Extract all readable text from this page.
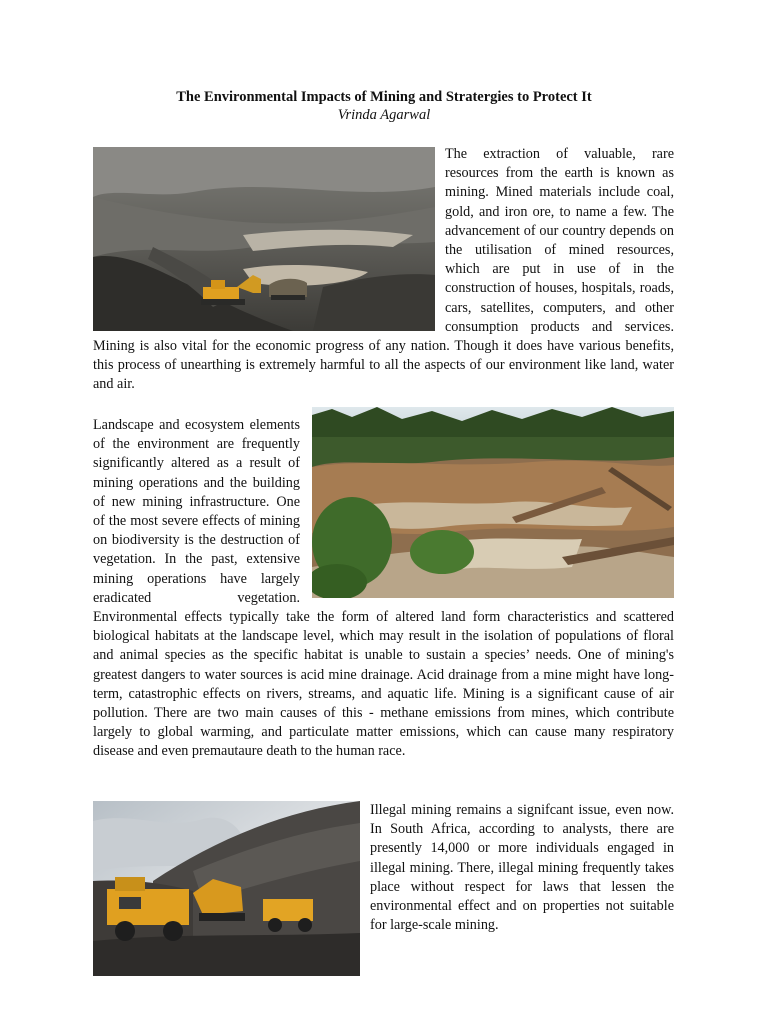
The Environmental Impacts of Mining and Stratergies to Protect It
Vrinda Agarwal
The extraction of valuable, rare resources from the earth is known as mining. Mined materials include coal, gold, and iron ore, to name a few. The advancement of our country depends on the utilisation of mined resources, which are put in use of in the construction of houses, hospitals, roads, cars, satellites, computers, and other consumption products and services. Mining is also vital for the economic progress of any nation. Though it does have various benefits, this process of unearthing is extremely harmful to all the aspects of our environment like land, water and air.
Landscape and ecosystem elements of the environment are frequently significantly altered as a result of mining operations and the building of new mining infrastructure. One of the most severe effects of mining on biodiversity is the destruction of vegetation. In the past, extensive mining operations have largely eradicated vegetation. Environmental effects typically take the form of altered land form characteristics and scattered biological habitats at the landscape level, which may result in the isolation of populations of floral and animal species as the specific habitat is unable to sustain a species’ needs. One of mining's greatest dangers to water sources is acid mine drainage. Acid drainage from a mine might have long-term, catastrophic effects on rivers, streams, and aquatic life. Mining is a significant cause of air pollution. There are two main causes of this - methane emissions from mines, which contribute largely to global warming, and particulate matter emissions, which can cause many respiratory disease and even premautaure death to the human race.
Illegal mining remains a signifcant issue, even now. In South Africa, according to analysts, there are presently 14,000 or more individuals engaged in illegal mining. There, illegal mining frequently takes place without respect for laws that lessen the environmental effect and on properties not suitable for large-scale mining.
